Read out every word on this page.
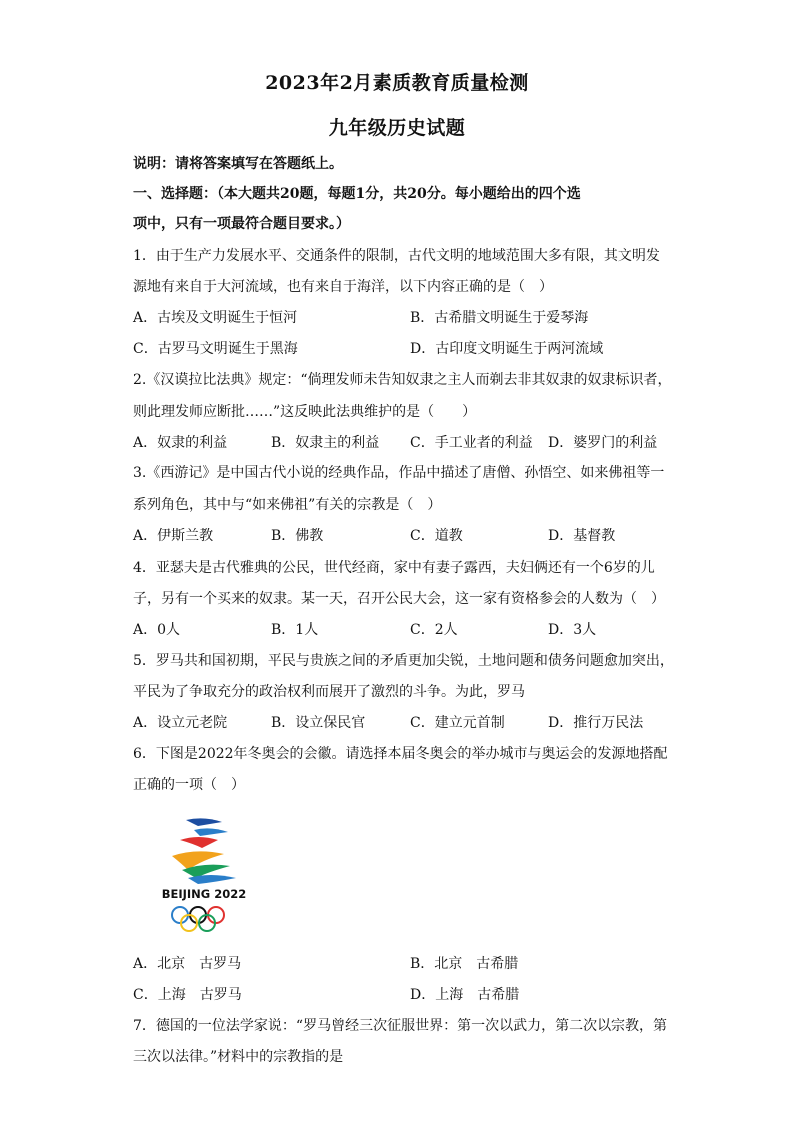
2023年2月素质教育质量检测
九年级历史试题
说明：请将答案填写在答题纸上。
一、选择题：（本大题共20题，每题1分，共20分。每小题给出的四个选
项中，只有一项最符合题目要求。）
1．由于生产力发展水平、交通条件的限制，古代文明的地域范围大多有限，其文明发
源地有来自于大河流域，也有来自于海洋，以下内容正确的是（　）
A．古埃及文明诞生于恒河	B．古希腊文明诞生于爱琴海
C．古罗马文明诞生于黑海	D．古印度文明诞生于两河流域
2.《汉谟拉比法典》规定：“倘理发师未告知奴隶之主人而剃去非其奴隶的奴隶标识者，
则此理发师应断批……”这反映此法典维护的是（　　）
A．奴隶的利益	B．奴隶主的利益 C．手工业者的利益 D．婆罗门的利益
3.《西游记》是中国古代小说的经典作品，作品中描述了唐僧、孙悟空、如来佛祖等一
系列角色，其中与“如来佛祖”有关的宗教是（　）
A．伊斯兰教	B．佛教	C．道教	D．基督教
4．亚瑟夫是古代雅典的公民，世代经商，家中有妻子露西，夫妇俩还有一个6岁的儿
子，另有一个买来的奴隶。某一天，召开公民大会，这一家有资格参会的人数为（　）
A．0人	B．1人	C．2人	D．3人
5．罗马共和国初期，平民与贵族之间的矛盾更加尖锐，土地问题和债务问题愈加突出，
平民为了争取充分的政治权利而展开了激烈的斗争。为此，罗马
A．设立元老院	B．设立保民官	C．建立元首制	D．推行万民法
6．下图是2022年冬奥会的会徽。请选择本届冬奥会的举办城市与奥运会的发源地搭配
正确的一项（　）
BEIJING 2022
A．北京　古罗马	B．北京　古希腊
C．上海　古罗马	D．上海　古希腊
7．德国的一位法学家说：“罗马曾经三次征服世界：第一次以武力，第二次以宗教，第
三次以法律。”材料中的宗教指的是
